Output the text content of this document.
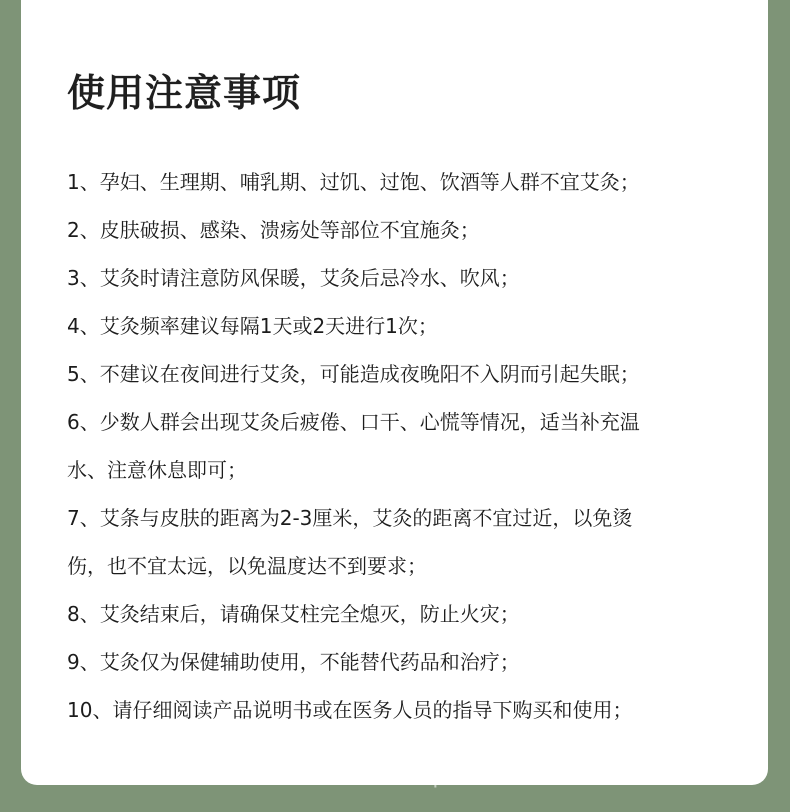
使用注意事项
1、孕妇、生理期、哺乳期、过饥、过饱、饮酒等人群不宜艾灸；
2、皮肤破损、感染、溃疡处等部位不宜施灸；
3、艾灸时请注意防风保暖，艾灸后忌冷水、吹风；
4、艾灸频率建议每隔1天或2天进行1次；
5、不建议在夜间进行艾灸，可能造成夜晚阳不入阴而引起失眠；
6、少数人群会出现艾灸后疲倦、口干、心慌等情况，适当补充温
水、注意休息即可；
7、艾条与皮肤的距离为2-3厘米，艾灸的距离不宜过近，以免烫
伤，也不宜太远，以免温度达不到要求；
8、艾灸结束后，请确保艾柱完全熄灭，防止火灾；
9、艾灸仅为保健辅助使用，不能替代药品和治疗；
10、请仔细阅读产品说明书或在医务人员的指导下购买和使用；
shop59060065.en.1688.com
